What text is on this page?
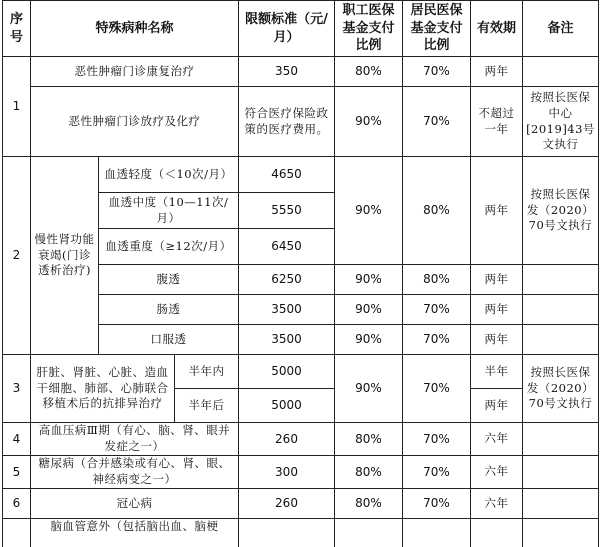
序号	特殊病种名称			限额标准（元/月）	职工医保基金支付比例	居民医保基金支付比例	有效期	备注
1	恶性肿瘤门诊康复治疗			350	80%	70%	两年	
	恶性肿瘤门诊放疗及化疗			符合医疗保险政策的医疗费用。	90%	70%	不超过一年	按照长医保中心[2019]43号文执行
2	慢性肾功能衰竭(门诊透析治疗)	血透轻度（＜10次/月）		4650	90%	80%	两年	按照长医保发（2020）70号文执行
		血透中度（10—11次/月）		5550				
		血透重度（≥12次/月）		6450				
		腹透		6250	90%	80%	两年	
		肠透		3500	90%	70%	两年	
		口服透		3500	90%	70%	两年	
3	肝脏、肾脏、心脏、造血干细胞、肺部、心肺联合移植术后的抗排异治疗		半年内	5000	90%	70%	半年	按照长医保发（2020）70号文执行
			半年后	5000			两年	
4	高血压病Ⅲ期（有心、脑、肾、眼并发症之一）			260	80%	70%	六年	
5	糖尿病（合并感染或有心、肾、眼、神经病变之一）			300	80%	70%	六年	
6	冠心病			260	80%	70%	六年	
	脑血管意外（包括脑出血、脑梗							
